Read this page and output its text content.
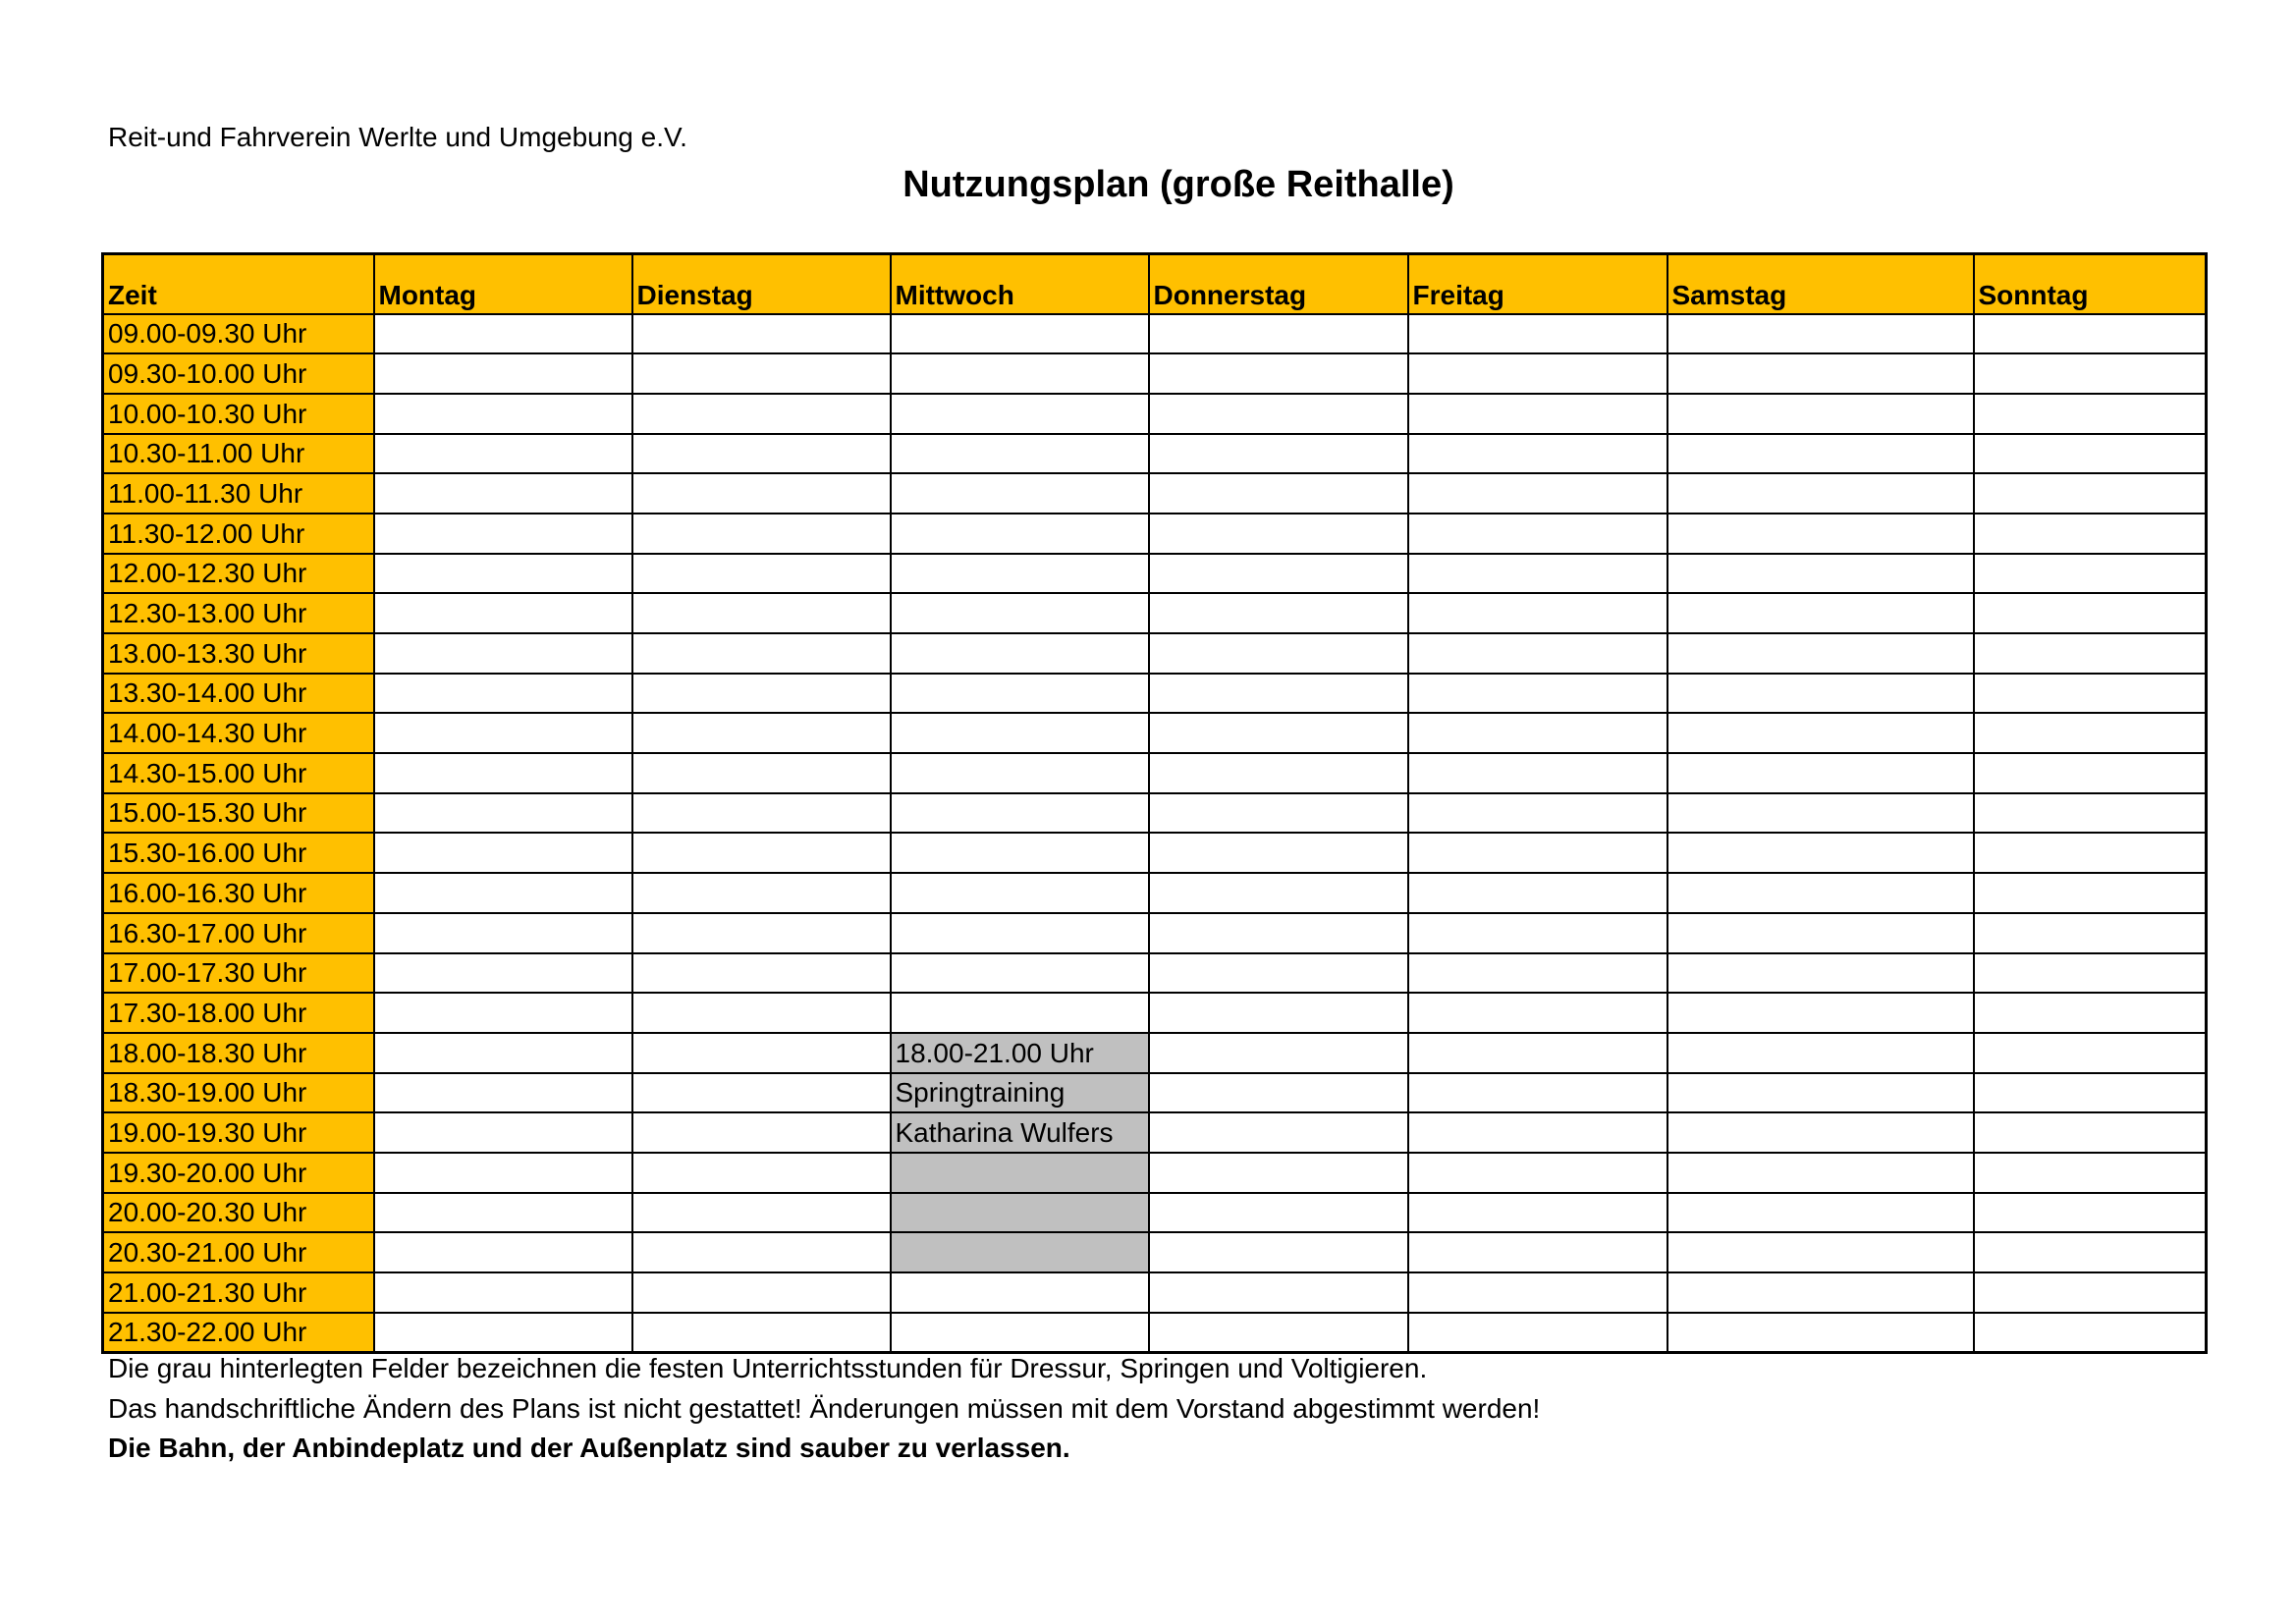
Reit-und Fahrverein Werlte und Umgebung e.V.
Nutzungsplan (große Reithalle)
Zeit	Montag	Dienstag	Mittwoch	Donnerstag	Freitag	Samstag	Sonntag
09.00-09.30 Uhr							
09.30-10.00 Uhr							
10.00-10.30 Uhr							
10.30-11.00 Uhr							
11.00-11.30 Uhr							
11.30-12.00 Uhr							
12.00-12.30 Uhr							
12.30-13.00 Uhr							
13.00-13.30 Uhr							
13.30-14.00 Uhr							
14.00-14.30 Uhr							
14.30-15.00 Uhr							
15.00-15.30 Uhr							
15.30-16.00 Uhr							
16.00-16.30 Uhr							
16.30-17.00 Uhr							
17.00-17.30 Uhr							
17.30-18.00 Uhr							
18.00-18.30 Uhr			18.00-21.00 Uhr				
18.30-19.00 Uhr			Springtraining				
19.00-19.30 Uhr			Katharina Wulfers				
19.30-20.00 Uhr							
20.00-20.30 Uhr							
20.30-21.00 Uhr							
21.00-21.30 Uhr							
21.30-22.00 Uhr							
Die grau hinterlegten Felder bezeichnen die festen Unterrichtsstunden für Dressur, Springen und Voltigieren.
Das handschriftliche Ändern des Plans ist nicht gestattet! Änderungen müssen mit dem Vorstand abgestimmt werden!
Die Bahn, der Anbindeplatz und der Außenplatz sind sauber zu verlassen.
